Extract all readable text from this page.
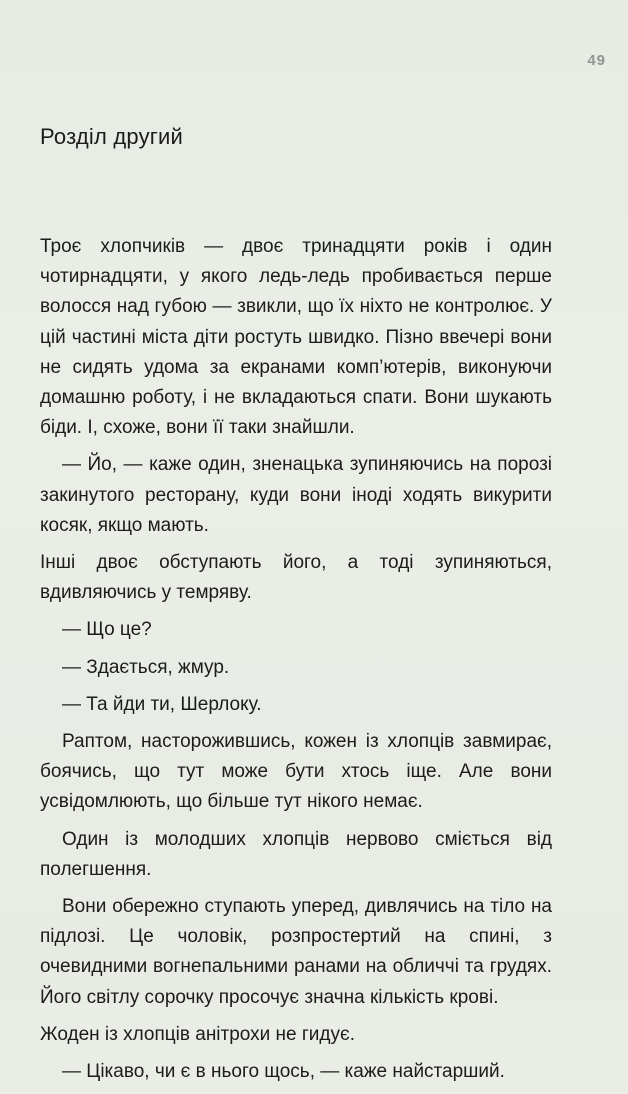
49
Розділ другий

Троє хлопчиків — двоє тринадцяти років і один чотирнадцяти, у якого ледь-ледь пробивається перше волосся над губою — звикли, що їх ніхто не контролює. У цій частині міста діти ростуть швидко. Пізно ввечері вони не сидять удома за екранами комп’ютерів, виконуючи домашню роботу, і не вкладаються спати. Вони шукають біди. І, схоже, вони її таки знайшли.

— Йо, — каже один, зненацька зупиняючись на порозі закинутого ресторану, куди вони іноді ходять викурити косяк, якщо мають.

Інші двоє обступають його, а тоді зупиняються, вдивляючись у темряву.

— Що це?

— Здається, жмур.

— Та йди ти, Шерлоку.

Раптом, насторожившись, кожен із хлопців завмирає, боячись, що тут може бути хтось іще. Але вони усвідомлюють, що більше тут нікого немає.

Один із молодших хлопців нервово сміється від полегшення.

Вони обережно ступають уперед, дивлячись на тіло на підлозі. Це чоловік, розпростертий на спині, з очевидними вогнепальними ранами на обличчі та грудях. Його світлу сорочку просочує значна кількість крові.

Жоден із хлопців анітрохи не гидує.

— Цікаво, чи є в нього щось, — каже найстарший.
